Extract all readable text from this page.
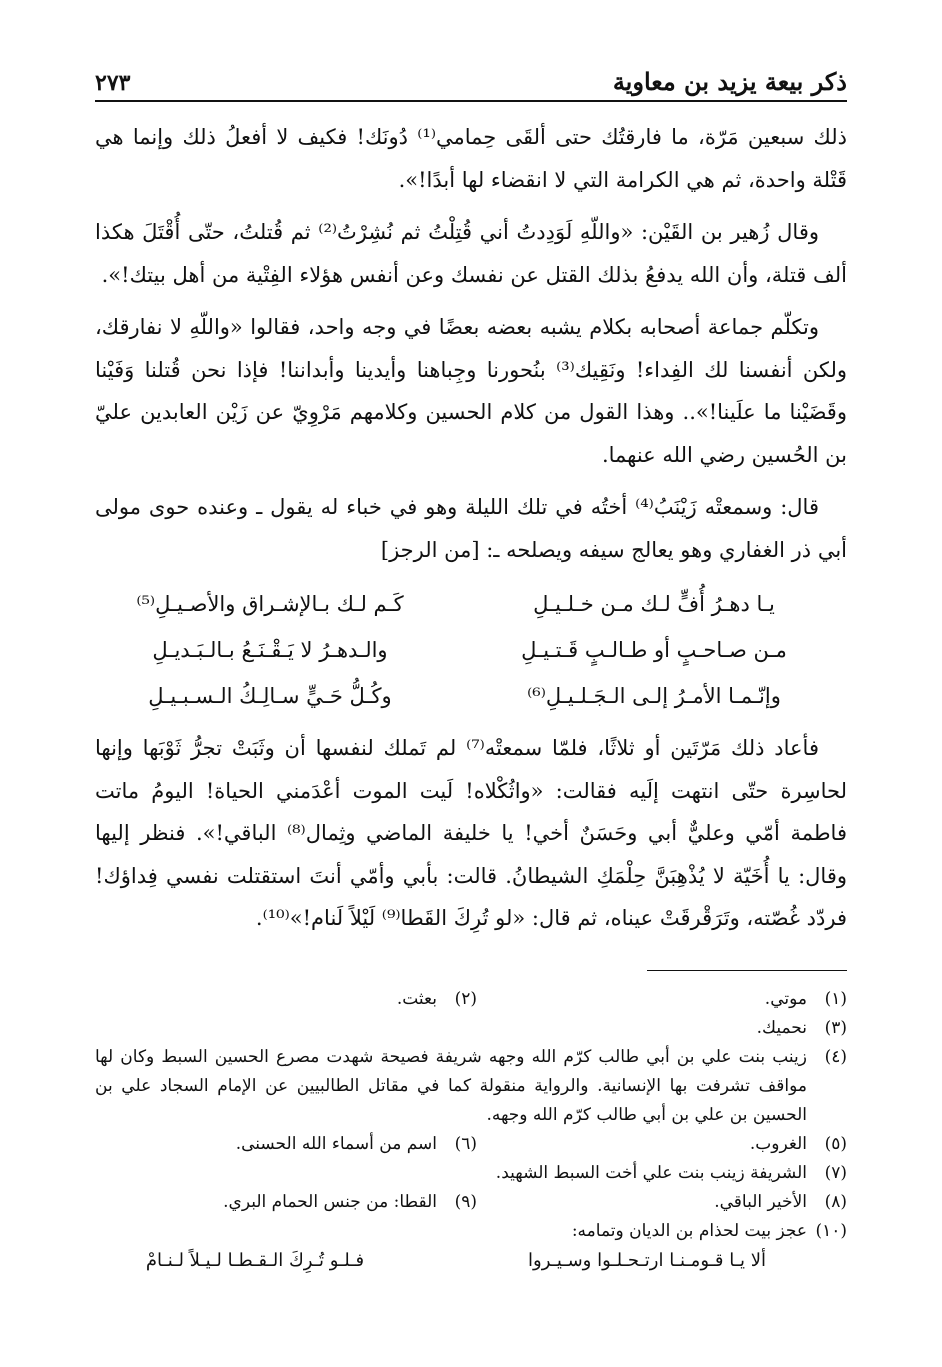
ذكر بيعة يزيد بن معاوية
٢٧٣

ذلك سبعين مَرّة، ما فارقتُك حتى ألقَى حِمامي⁽¹⁾ دُونَك! فكيف لا أفعلُ ذلك وإنما هي قَتْلة واحدة، ثم هي الكرامة التي لا انقضاء لها أبدًا!».

وقال زُهير بن القَيْن: «واللّهِ لَوَدِدتُ أني قُتِلْتُ ثم نُشِرْتُ⁽²⁾ ثم قُتلتُ، حتّى أُقْتَلَ هكذا ألف قتلة، وأن الله يدفعُ بذلك القتل عن نفسك وعن أنفس هؤلاء الفِتْية من أهل بيتك!».

وتكلّم جماعة أصحابه بكلام يشبه بعضه بعضًا في وجه واحد، فقالوا «واللّهِ لا نفارقك، ولكن أنفسنا لك الفِداء! ونَقِيك⁽³⁾ بنُحورنا وجِباهنا وأيدينا وأبداننا! فإذا نحن قُتلنا وَفَيْنا وقَضَيْنا ما علَينا!».. وهذا القول من كلام الحسين وكلامهم مَرْوِيّ عن زَيْن العابدين عليّ بن الحُسين رضي الله عنهما.

قال: وسمعتْه زَيْنَبُ⁽⁴⁾ أختُه في تلك الليلة وهو في خباء له يقول ـ وعنده حوى مولى أبي ذر الغفاري وهو يعالج سيفه ويصلحه ـ: [من الرجز]

يـا دهـرُ أُفٍّ لـك مـن خـلـيـلِ
كَـم لـك بـالإشـراق والأصـيـلِ⁽⁵⁾
مـن صـاحـبٍ أو طـالـبٍ قَـتـيـلِ
والـدهـرُ لا يَـقْـنَـعُ بـالـبَـديـلِ
وإنّـمـا الأمـرُ إلـى الـجَـلـيـلِ⁽⁶⁾
وكُـلُّ حَـيٍّ سـالِـكُ الـسـبـيـلِ

فأعاد ذلك مَرّتَين أو ثلاثًا، فلمّا سمعتْه⁽⁷⁾ لم تَملك لنفسها أن وثَبَتْ تجرُّ ثَوْبَها وإنها لحاسِرة حتّى انتهت إلَيه فقالت: «واثُكْلاه! لَيت الموت أعْدَمني الحياة! اليومُ ماتت فاطمة أمّي وعليٌّ أبي وحَسَنٌ أخي! يا خليفة الماضي وثِمال⁽⁸⁾ الباقي!». فنظر إليها وقال: يا أُخَيّة لا يُذْهِبَنَّ حِلْمَكِ الشيطانُ. قالت: بأبي وأمّي أنتَ استقتلت نفسي فِداؤك! فردّد غُصّته، وتَرَقْرقَتْ عيناه، ثم قال: «لو تُرِكَ القَطا⁽⁹⁾ لَيْلاً لَنام!»⁽¹⁰⁾.

(١)
موتي.
(٢)
بعثت.
(٣)
نحميك.
(٤)
زينب بنت علي بن أبي طالب كرّم الله وجهه شريفة فصيحة شهدت مصرع الحسين السبط وكان لها مواقف تشرفت بها الإنسانية. والرواية منقولة كما في مقاتل الطالبيين عن الإمام السجاد علي بن الحسين بن علي بن أبي طالب كرّم الله وجهه.
(٥)
الغروب.
(٦)
اسم من أسماء الله الحسنى.
(٧)
الشريفة زينب بنت علي أخت السبط الشهيد.
(٨)
الأخير الباقي.
(٩)
القطا: من جنس الحمام البري.
(١٠)
عجز بيت لحذام بن الديان وتمامه:
ألا يـا قـومـنـا ارتـحـلـوا وسـيـروا
فـلـو تُـرِكَ الـقـطـا لـيـلاً لـنـامْ
